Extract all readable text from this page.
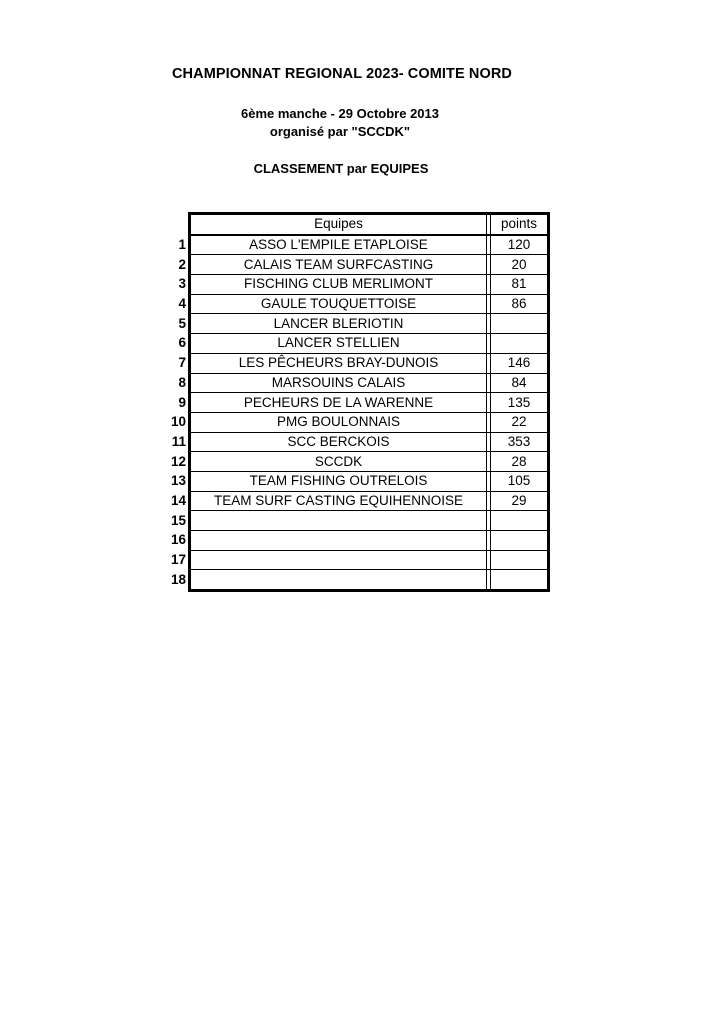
CHAMPIONNAT REGIONAL 2023- COMITE NORD
6ème manche - 29 Octobre 2013
organisé par "SCCDK"
CLASSEMENT par EQUIPES
	Equipes		points
1	ASSO L'EMPILE ETAPLOISE		120
2	CALAIS TEAM SURFCASTING		20
3	FISCHING CLUB MERLIMONT		81
4	GAULE TOUQUETTOISE		86
5	LANCER BLERIOTIN		
6	LANCER STELLIEN		
7	LES PÊCHEURS BRAY-DUNOIS		146
8	MARSOUINS CALAIS		84
9	PECHEURS DE LA WARENNE		135
10	PMG BOULONNAIS		22
11	SCC BERCKOIS		353
12	SCCDK		28
13	TEAM FISHING OUTRELOIS		105
14	TEAM SURF CASTING EQUIHENNOISE		29
15			
16			
17			
18			
